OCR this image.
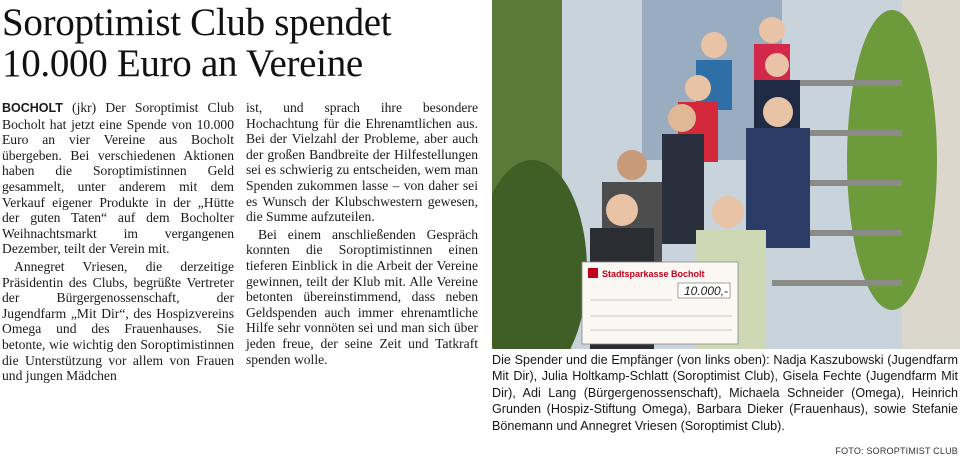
Soroptimist Club spendet
10.000 Euro an Vereine

BOCHOLT (jkr) Der Soroptimist Club Bocholt hat jetzt eine Spende von 10.000 Euro an vier Vereine aus Bocholt übergeben. Bei verschiedenen Aktionen haben die Soroptimistinnen Geld gesammelt, unter anderem mit dem Verkauf eigener Produkte in der „Hütte der guten Taten“ auf dem Bocholter Weihnachtsmarkt im vergangenen Dezember, teilt der Verein mit.

Annegret Vriesen, die derzeitige Präsidentin des Clubs, begrüßte Vertreter der Bürgergenossenschaft, der Jugendfarm „Mit Dir“, des Hospizvereins Omega und des Frauenhauses. Sie betonte, wie wichtig den Soroptimistinnen die Unterstützung vor allem von Frauen und jungen Mädchen

ist, und sprach ihre besondere Hochachtung für die Ehrenamtlichen aus. Bei der Vielzahl der Probleme, aber auch der großen Bandbreite der Hilfestellungen sei es schwierig zu entscheiden, wem man Spenden zukommen lasse – von daher sei es Wunsch der Klubschwestern gewesen, die Summe aufzuteilen.

Bei einem anschließenden Gespräch konnten die Soroptimistinnen einen tieferen Einblick in die Arbeit der Vereine gewinnen, teilt der Klub mit. Alle Vereine betonten übereinstimmend, dass neben Geldspenden auch immer ehrenamtliche Hilfe sehr vonnöten sei und man sich über jeden freue, der seine Zeit und Tatkraft spenden wolle.

Stadtsparkasse Bocholt
10.000,-
Die Spender und die Empfänger (von links oben): Nadja Kaszubowski (Jugendfarm Mit Dir), Julia Holtkamp-Schlatt (Soroptimist Club), Gisela Fechte (Jugendfarm Mit Dir), Adi Lang (Bürgergenossenschaft), Michaela Schneider (Omega), Heinrich Grunden (Hospiz-Stiftung Omega), Barbara Dieker (Frauenhaus), sowie Stefanie Bönemann und Annegret Vriesen (Soroptimist Club).
FOTO: SOROPTIMIST CLUB
